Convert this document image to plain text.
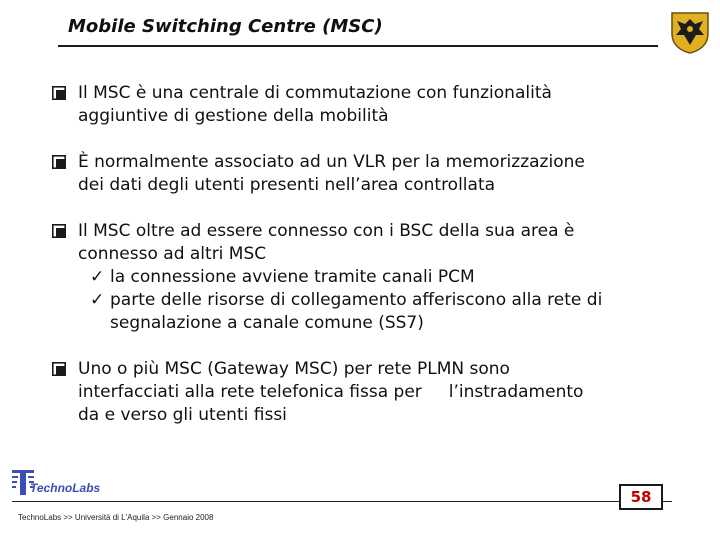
Mobile Switching Centre (MSC)
Il MSC è una centrale di commutazione con funzionalità
aggiuntive di gestione della mobilità
È normalmente associato ad un VLR per la memorizzazione
dei dati degli utenti presenti nell’area controllata
Il MSC oltre ad essere connesso con i BSC della sua area è
connesso ad altri MSC
✓ la connessione avviene tramite canali PCM
✓ parte delle risorse di collegamento afferiscono alla rete di
segnalazione a canale comune (SS7)
Uno o più MSC (Gateway MSC) per rete PLMN sono
interfacciati alla rete telefonica fissa per     l’instradamento
da e verso gli utenti fissi
TechnoLabs	58
TechnoLabs >> Università di L'Aquila >> Gennaio 2008
